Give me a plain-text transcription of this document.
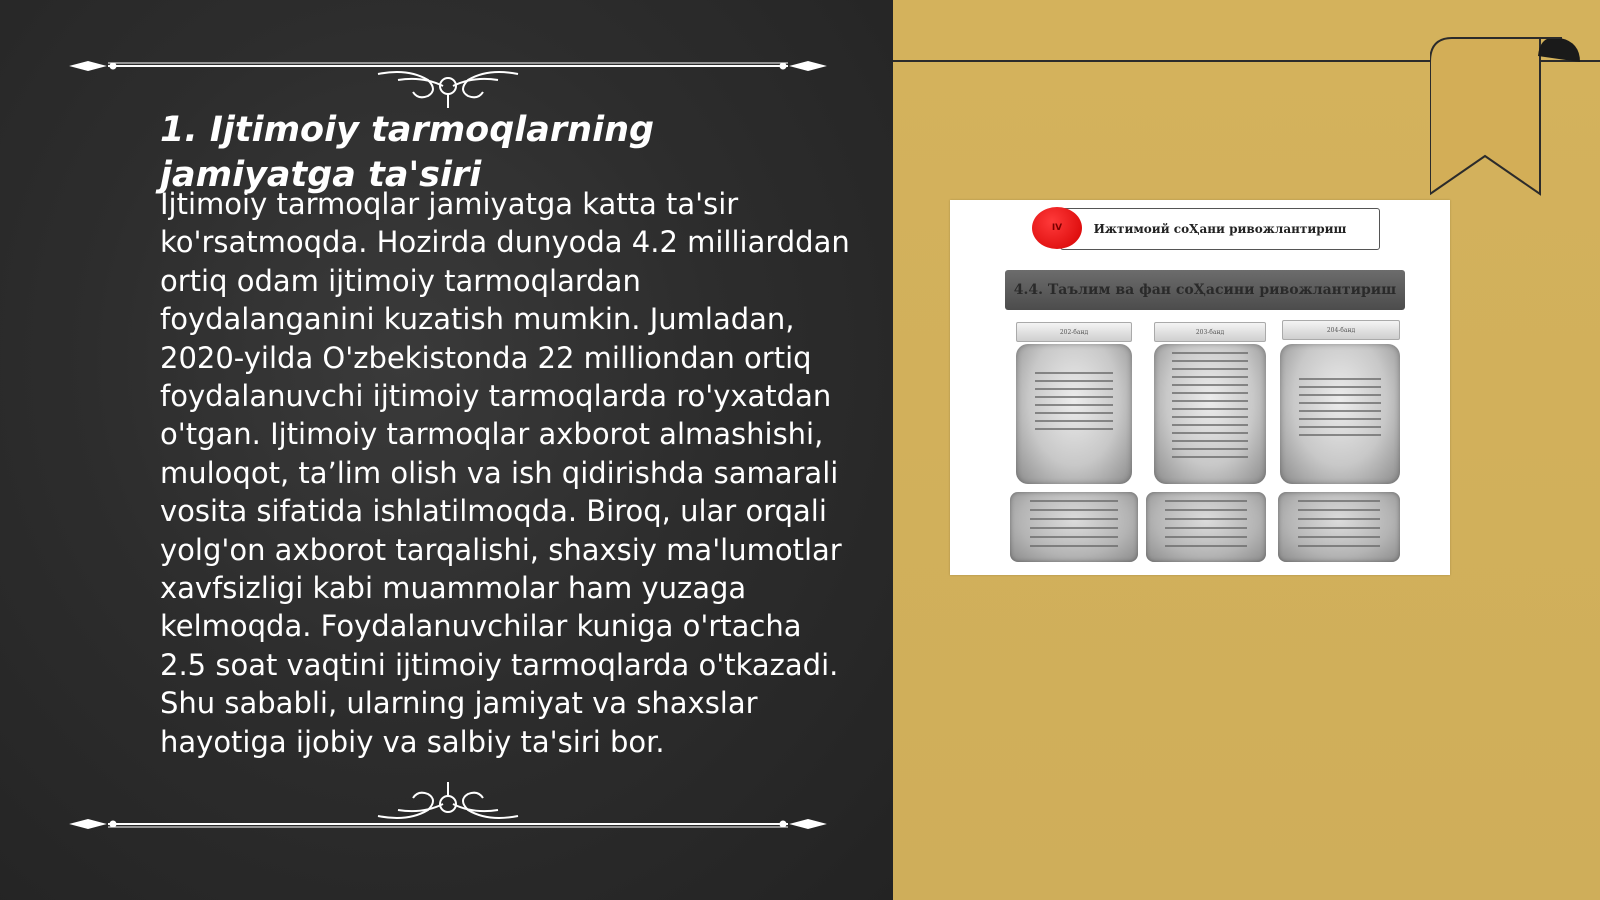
1. Ijtimoiy tarmoqlarning jamiyatga ta'siri

Ijtimoiy tarmoqlar jamiyatga katta ta'sir ko'rsatmoqda. Hozirda dunyoda 4.2 milliarddan ortiq odam ijtimoiy tarmoqlardan foydalanganini kuzatish mumkin. Jumladan, 2020-yilda O'zbekistonda 22 milliondan ortiq foydalanuvchi ijtimoiy tarmoqlarda ro'yxatdan o'tgan. Ijtimoiy tarmoqlar axborot almashishi, muloqot, ta’lim olish va ish qidirishda samarali vosita sifatida ishlatilmoqda. Biroq, ular orqali yolg'on axborot tarqalishi, shaxsiy ma'lumotlar xavfsizligi kabi muammolar ham yuzaga kelmoqda. Foydalanuvchilar kuniga o'rtacha 2.5 soat vaqtini ijtimoiy tarmoqlarda o'tkazadi. Shu sababli, ularning jamiyat va shaxslar hayotiga ijobiy va salbiy ta'siri bor.

Ижтимоий соҲани ривожлантириш
IV
4.4. Таълим ва фан соҲасини ривожлантириш
202-банд	203-банд	204-банд
